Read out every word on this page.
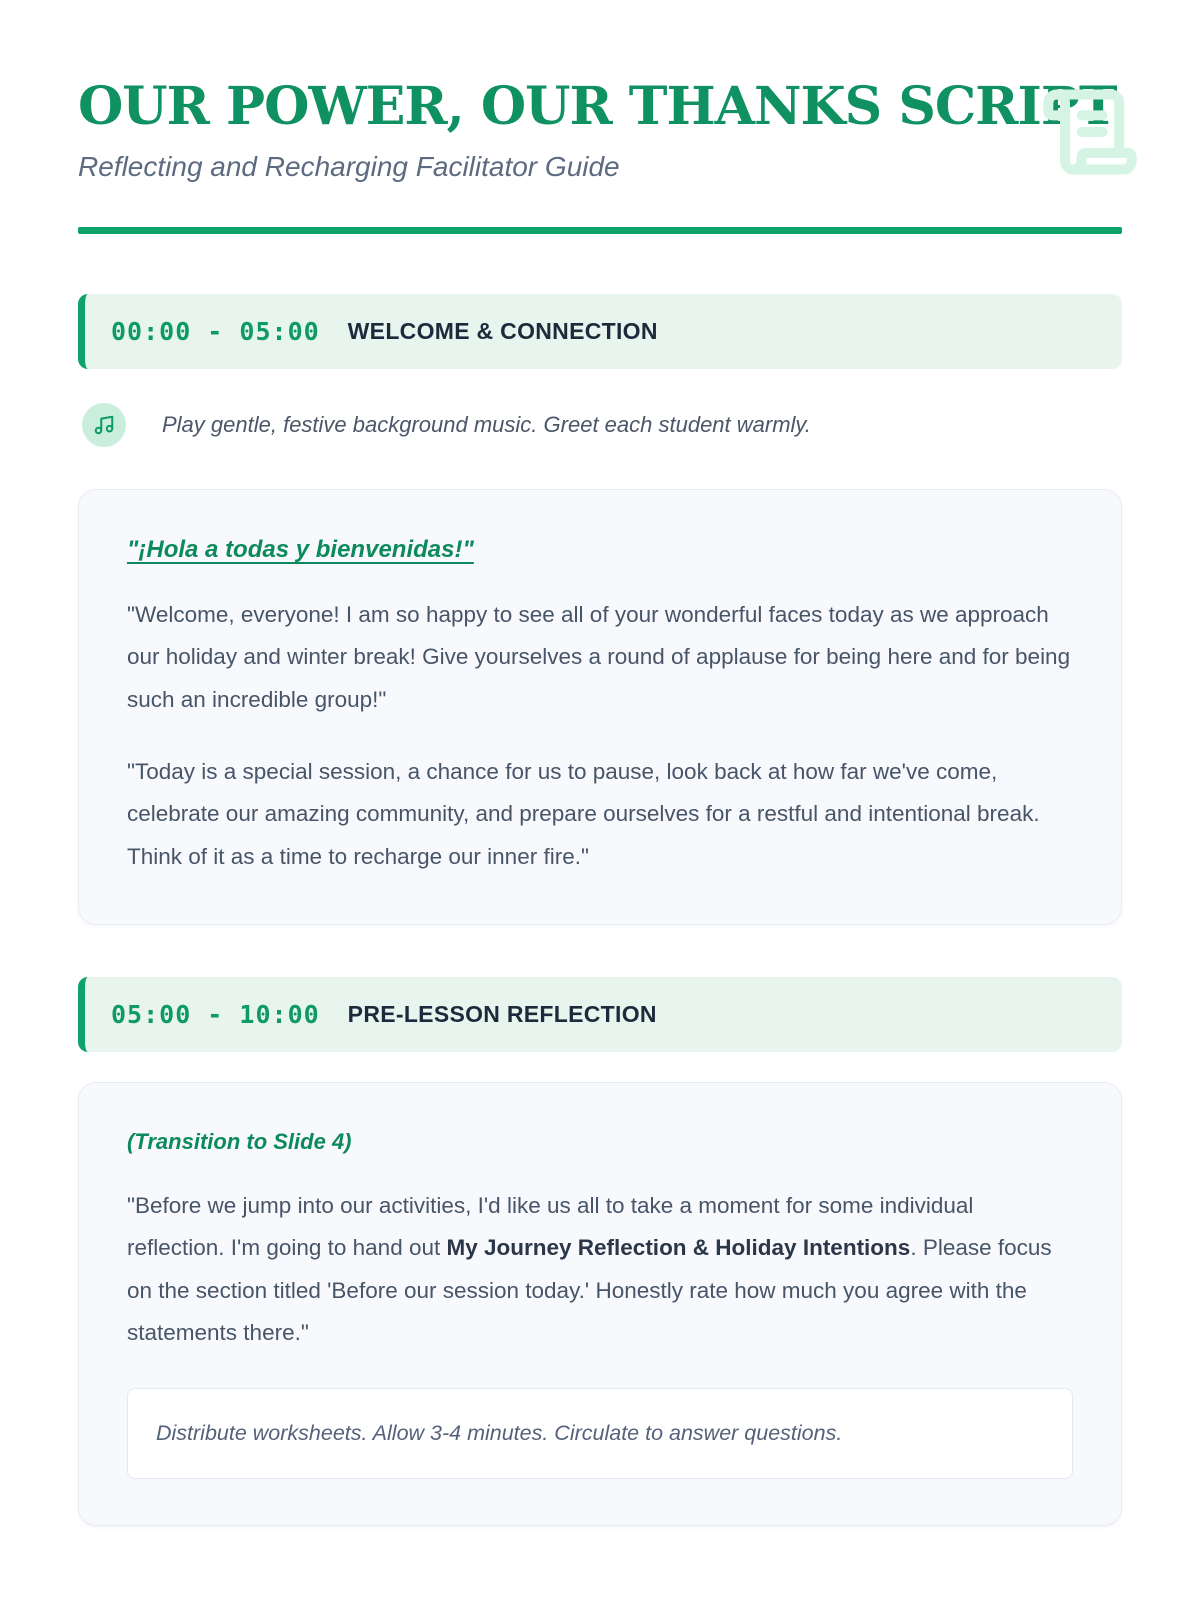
OUR POWER, OUR THANKS SCRIPT
Reflecting and Recharging Facilitator Guide
00:00 - 05:00 WELCOME & CONNECTION
Play gentle, festive background music. Greet each student warmly.
"¡Hola a todas y bienvenidas!"

"Welcome, everyone! I am so happy to see all of your wonderful faces today as we approach our holiday and winter break! Give yourselves a round of applause for being here and for being such an incredible group!"

"Today is a special session, a chance for us to pause, look back at how far we've come, celebrate our amazing community, and prepare ourselves for a restful and intentional break. Think of it as a time to recharge our inner fire."

05:00 - 10:00 PRE-LESSON REFLECTION
(Transition to Slide 4)

"Before we jump into our activities, I'd like us all to take a moment for some individual reflection. I'm going to hand out My Journey Reflection & Holiday Intentions. Please focus on the section titled 'Before our session today.' Honestly rate how much you agree with the statements there."

Distribute worksheets. Allow 3-4 minutes. Circulate to answer questions.
